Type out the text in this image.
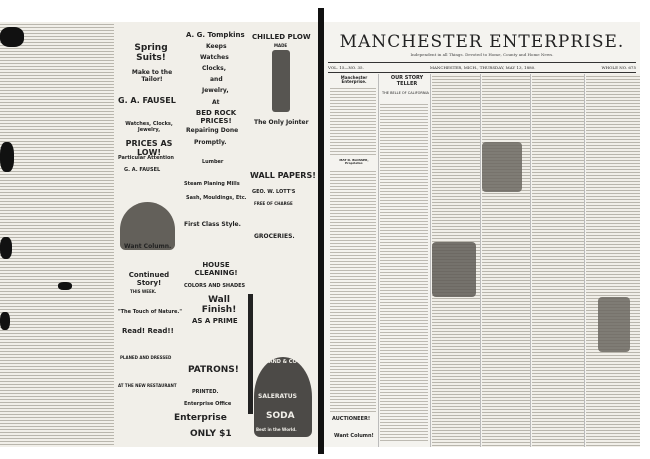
Spring Suits!
Make to the Tailor!
G. A. FAUSEL
Watches, Clocks, Jewelry,
PRICES AS LOW!
Particular Attention
G. A. FAUSEL
Want Column.
Continued Story!
THIS WEEK.
"The Touch of Nature."
Read! Read!!
PLANED AND DRESSED
AT THE NEW RESTAURANT
A. G. Tompkins
Keeps
Watches
Clocks,
and
Jewelry,
At
BED ROCK PRICES!
Repairing Done
Promptly.
Lumber
Steam Planing Mills
Sash, Mouldings, Etc.
First Class Style.
HOUSE CLEANING!
COLORS AND SHADES
Wall Finish!
AS A PRIME
PATRONS!
PRINTED.
Enterprise Office
Enterprise
ONLY $1
CHILLED PLOW
MADE
The Only Jointer
WALL PAPERS!
GEO. W. LOTT'S
FREE OF CHARGE
GROCERIES.
DeLAND & CO'S
SALERATUS
SODA
Best in the World.
MANCHESTER ENTERPRISE.
Independent in all Things. Devoted to Home, County and Home News.
VOL. 15—NO. 35.	MANCHESTER, MICH., THURSDAY, MAY 13, 1880.	WHOLE NO. 675
Manchester Enterprise.
MAT D. BLOSSER, Proprietor.
AUCTIONEER!
Want Column!
OUR STORY TELLER
THE BELLE OF CALIFORNIA
